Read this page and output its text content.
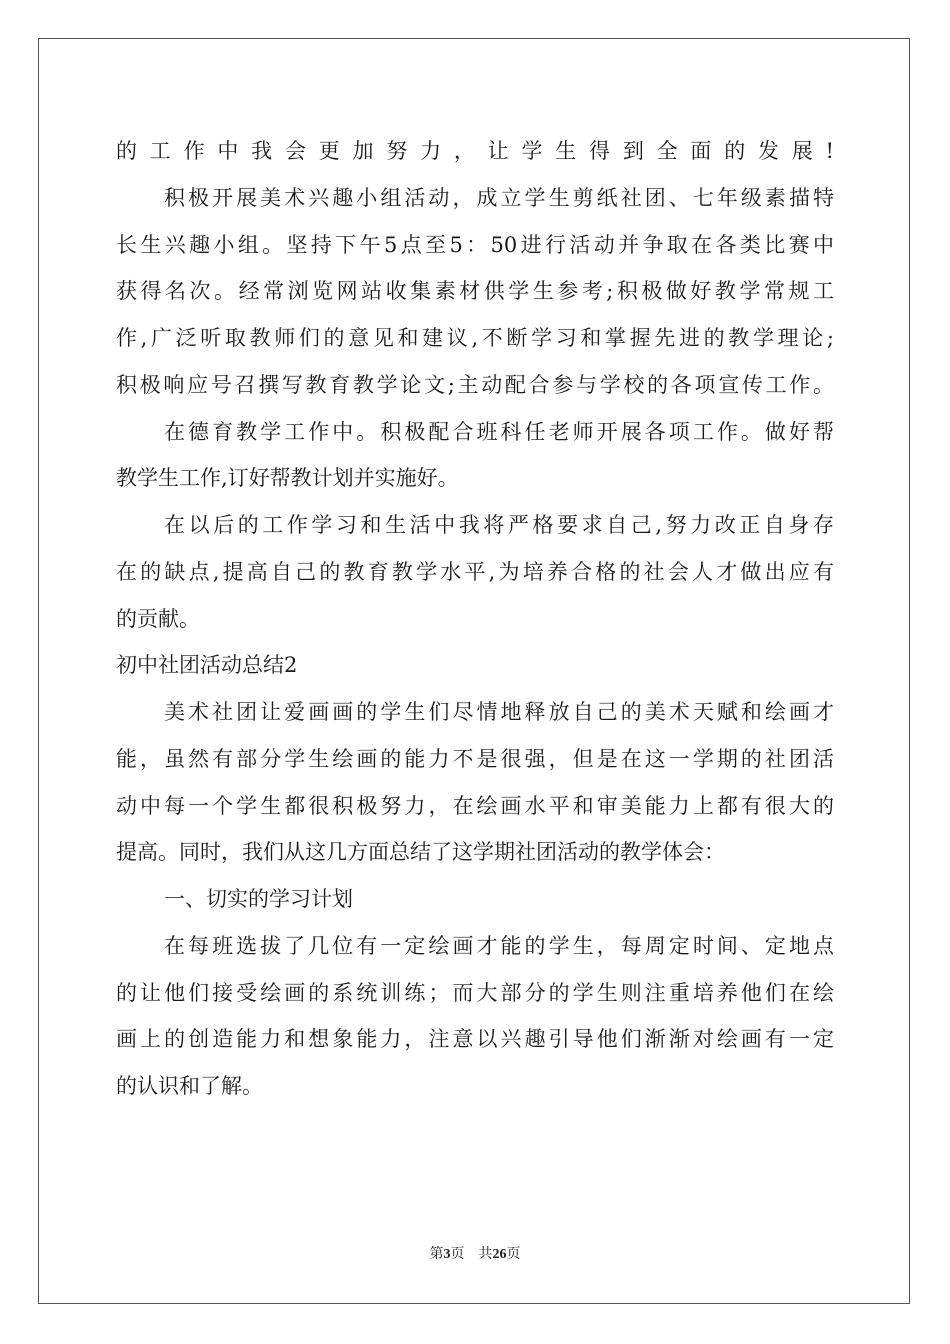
的工作中我会更加努力，让学生得到全面的发展!
积极开展美术兴趣小组活动，成立学生剪纸社团、七年级素描特
长生兴趣小组。坚持下午5点至5：50进行活动并争取在各类比赛中
获得名次。经常浏览网站收集素材供学生参考;积极做好教学常规工
作,广泛听取教师们的意见和建议,不断学习和掌握先进的教学理论;
积极响应号召撰写教育教学论文;主动配合参与学校的各项宣传工作。
在德育教学工作中。积极配合班科任老师开展各项工作。做好帮
教学生工作,订好帮教计划并实施好。
在以后的工作学习和生活中我将严格要求自己,努力改正自身存
在的缺点,提高自己的教育教学水平,为培养合格的社会人才做出应有
的贡献。
初中社团活动总结2
美术社团让爱画画的学生们尽情地释放自己的美术天赋和绘画才
能，虽然有部分学生绘画的能力不是很强，但是在这一学期的社团活
动中每一个学生都很积极努力，在绘画水平和审美能力上都有很大的
提高。同时，我们从这几方面总结了这学期社团活动的教学体会：
一、切实的学习计划
在每班选拔了几位有一定绘画才能的学生，每周定时间、定地点
的让他们接受绘画的系统训练；而大部分的学生则注重培养他们在绘
画上的创造能力和想象能力，注意以兴趣引导他们渐渐对绘画有一定
的认识和了解。
第3页 共26页
